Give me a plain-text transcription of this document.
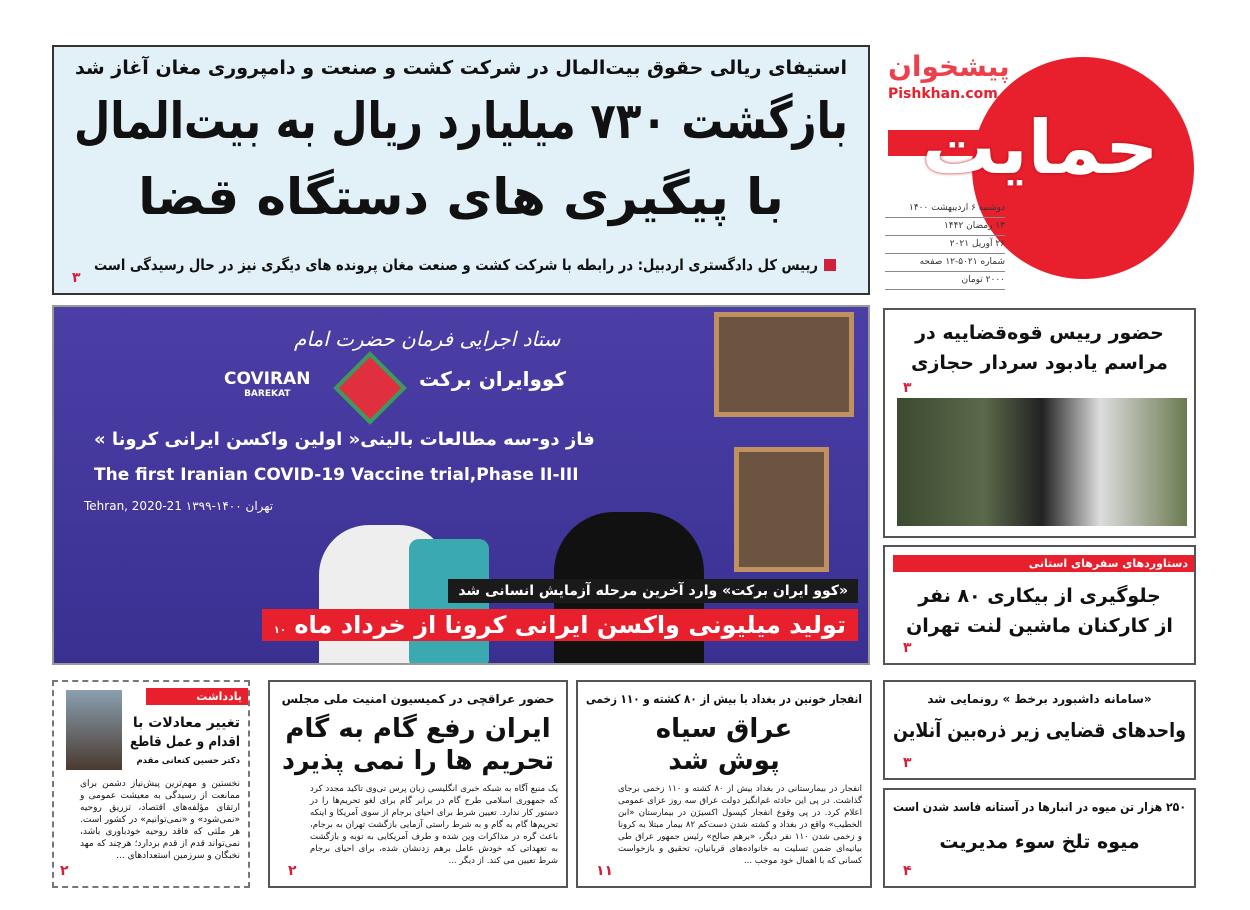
استیفای ریالی حقوق بیت‌المال در شرکت کشت و صنعت و دامپروری مغان آغاز شد
بازگشت ۷۳۰ میلیارد ریال به بیت‌المال
با پیگیری های دستگاه قضا
رییس کل دادگستری اردبیل: در رابطه با شرکت کشت و صنعت مغان پرونده های دیگری نیز در حال رسیدگی است
۳
حمایت
دوشنبه ۶ اردیبهشت ۱۴۰۰
۱۳ رمضان ۱۴۴۲
۲۶ آوریل ۲۰۲۱
شماره ۵۰۲۱-۱۲ صفحه
۲۰۰۰ تومان
پیشخوان
Pishkhan.com
ستاد اجرایی فرمان حضرت امام
COVIRAN
BAREKAT
کووایران برکت
فاز دو-سه مطالعات بالینی« اولین واکسن ایرانی کرونا »
The first Iranian COVID-19 Vaccine trial,Phase II-III
تهران ۱۴۰۰-۱۳۹۹ Tehran, 2020-21
«کوو ایران برکت» وارد آخرین مرحله آزمایش انسانی شد
تولید میلیونی واکسن ایرانی کرونا از خرداد ماه ۱۰
حضور رییس قوه‌قضاییه در
مراسم یادبود سردار حجازی
۳
دستاوردهای سفرهای استانی
جلوگیری از بیکاری ۸۰ نفر
از کارکنان ماشین لنت تهران
۳
«سامانه داشبورد برخط » رونمایی شد
واحدهای قضایی زیر ذره‌بین آنلاین
۳
۲۵۰ هزار تن میوه در انبارها در آستانه فاسد شدن است
میوه تلخ سوء مدیریت
۴
یادداشت
تغییر معادلات با
اقدام و عمل قاطع
دکتر حسین کنعانی مقدم
نخستین و مهم‌ترین پیش‌نیاز دشمن برای ممانعت از رسیدگی به معیشت عمومی و ارتقای مؤلفه‌های اقتصاد، تزریق روحیه «نمی‌شود» و «نمی‌توانیم» در کشور است. هر ملتی که فاقد روحیه خودباوری باشد، نمی‌تواند قدم از قدم بردارد؛ هرچند که مهد نخبگان و سرزمین استعدادهای ...
۲
حضور عراقچی در کمیسیون امنیت ملی مجلس
ایران رفع گام به گام
تحریم ها را نمی پذیرد
یک منبع آگاه به شبکه خبری انگلیسی زبان پرس تی‌وی تاکید مجدد کرد که جمهوری اسلامی طرح گام در برابر گام برای لغو تحریم‌ها را در دستور کار ندارد. تعیین شرط برای احیای برجام از سوی آمریکا و اینکه تحریم‌ها گام به گام و به شرط راستی آزمایی بازگشت تهران به برجام، باعث گره در مذاکرات وین شده و طرف آمریکایی به توبه و بازگشت به تعهداتی که خودش عامل برهم زدنشان شده، برای احیای برجام شرط تعیین می کند. از دیگر ...
۲
انفجار خونین در بغداد با بیش از ۸۰ کشته و ۱۱۰ زخمی
عراق سیاه
پوش شد
انفجار در بیمارستانی در بغداد بیش از ۸۰ کشته و ۱۱۰ زخمی برجای گذاشت. در پی این حادثه غم‌انگیز دولت عراق سه روز عزای عمومی اعلام کرد. در پی وقوع انفجار کپسول اکسیژن در بیمارستان «ابن الخطیب» واقع در بغداد و کشته شدن دست‌کم ۸۲ بیمار مبتلا به کرونا و زخمی شدن ۱۱۰ نفر دیگر، «برهم صالح» رئیس جمهور عراق طی بیانیه‌ای ضمن تسلیت به خانواده‌های قربانیان، تحقیق و بازخواست کسانی که با اهمال خود موجب ...
۱۱
